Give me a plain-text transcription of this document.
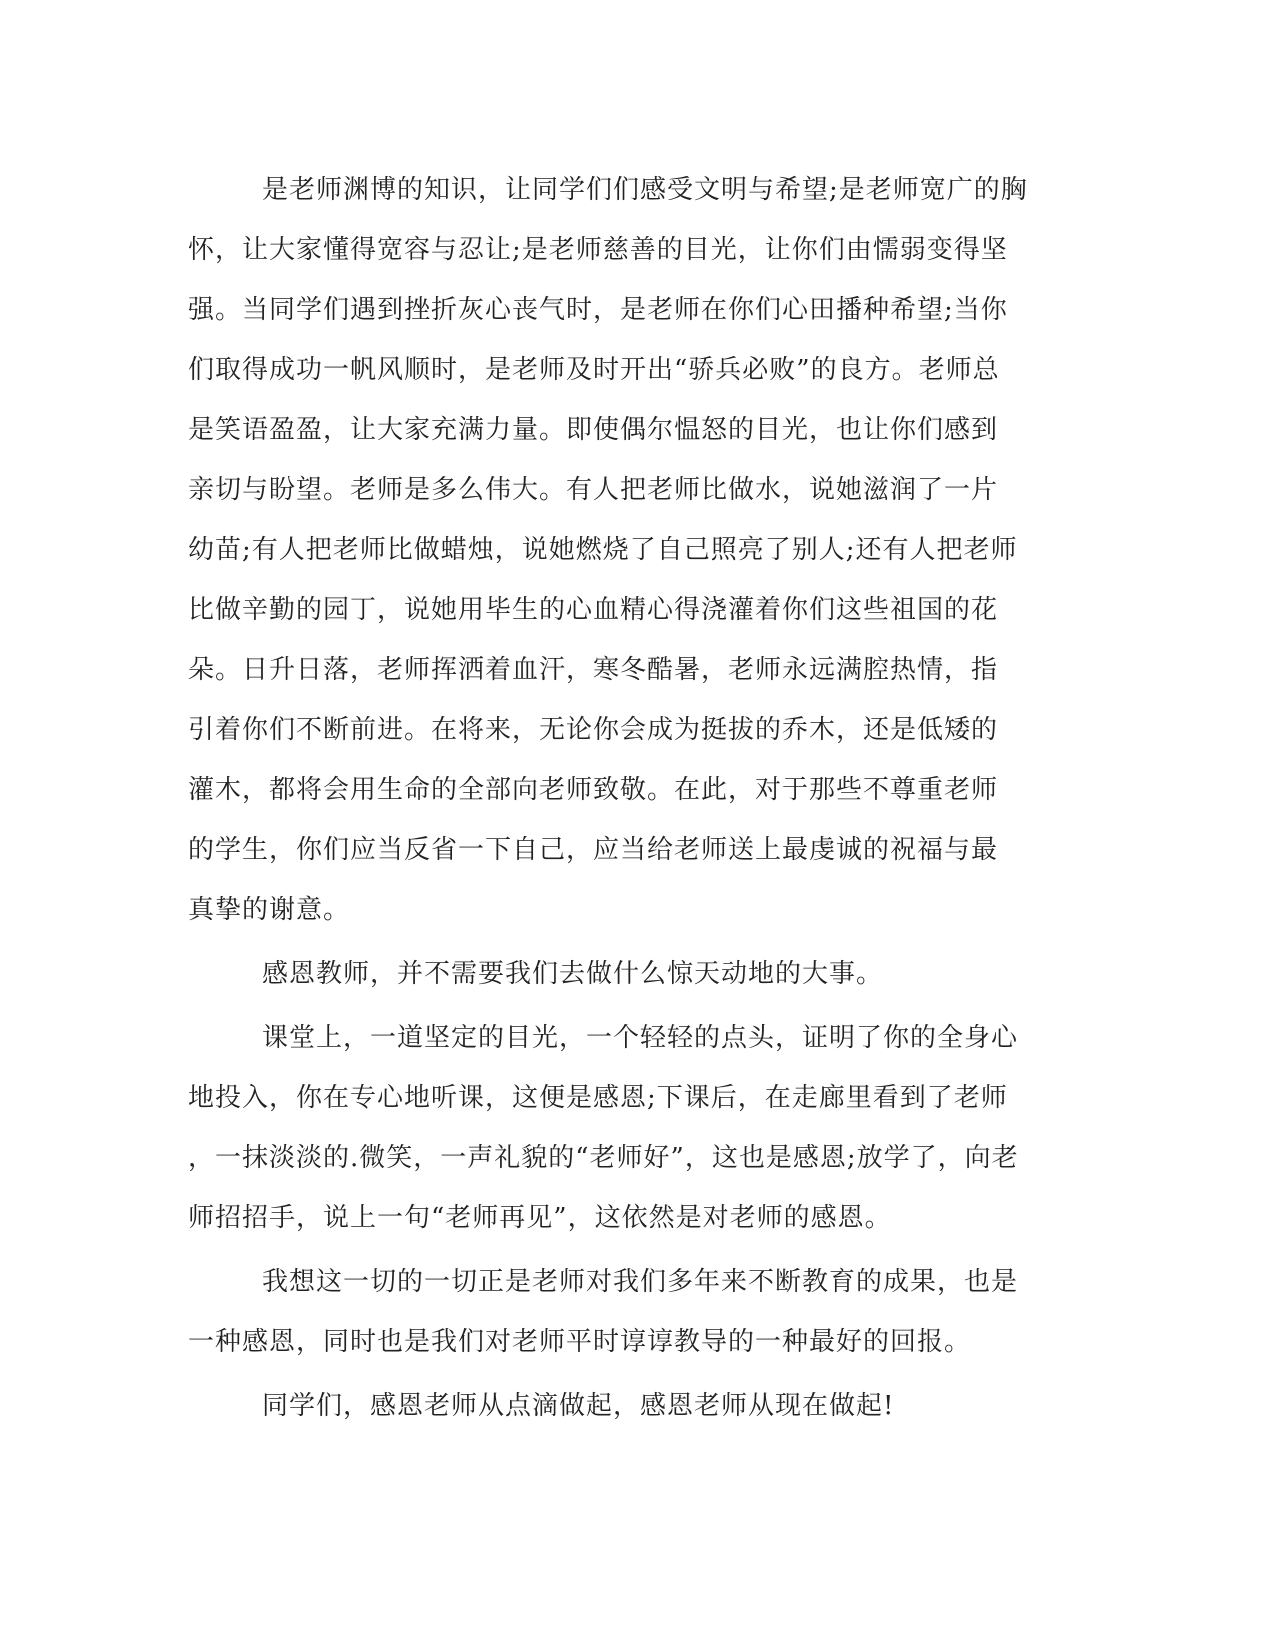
是老师渊博的知识，让同学们们感受文明与希望;是老师宽广的胸
怀，让大家懂得宽容与忍让;是老师慈善的目光，让你们由懦弱变得坚
强。当同学们遇到挫折灰心丧气时，是老师在你们心田播种希望;当你
们取得成功一帆风顺时，是老师及时开出“骄兵必败”的良方。老师总
是笑语盈盈，让大家充满力量。即使偶尔愠怒的目光，也让你们感到
亲切与盼望。老师是多么伟大。有人把老师比做水，说她滋润了一片
幼苗;有人把老师比做蜡烛，说她燃烧了自己照亮了别人;还有人把老师
比做辛勤的园丁，说她用毕生的心血精心得浇灌着你们这些祖国的花
朵。日升日落，老师挥洒着血汗，寒冬酷暑，老师永远满腔热情，指
引着你们不断前进。在将来，无论你会成为挺拔的乔木，还是低矮的
灌木，都将会用生命的全部向老师致敬。在此，对于那些不尊重老师
的学生，你们应当反省一下自己，应当给老师送上最虔诚的祝福与最
真挚的谢意。
感恩教师，并不需要我们去做什么惊天动地的大事。
课堂上，一道坚定的目光，一个轻轻的点头，证明了你的全身心
地投入，你在专心地听课，这便是感恩;下课后，在走廊里看到了老师
，一抹淡淡的.微笑，一声礼貌的“老师好”，这也是感恩;放学了，向老
师招招手，说上一句“老师再见”，这依然是对老师的感恩。
我想这一切的一切正是老师对我们多年来不断教育的成果，也是
一种感恩，同时也是我们对老师平时谆谆教导的一种最好的回报。
同学们，感恩老师从点滴做起，感恩老师从现在做起!
